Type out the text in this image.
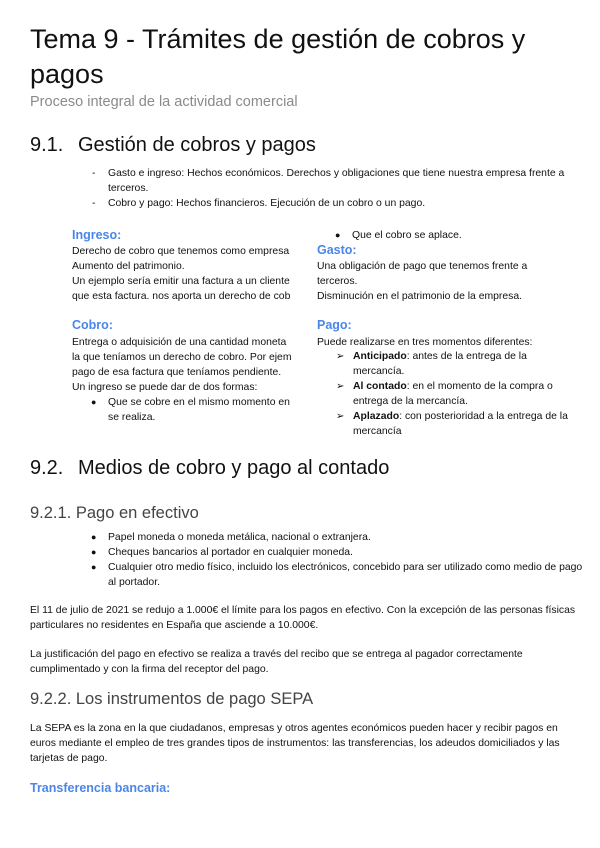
Tema 9 - Trámites de gestión de cobros y pagos
Proceso integral de la actividad comercial
9.1. Gestión de cobros y pagos
- Gasto e ingreso: Hechos económicos. Derechos y obligaciones que tiene nuestra empresa frente a terceros.
- Cobro y pago: Hechos financieros. Ejecución de un cobro o un pago.
Ingreso:
Derecho de cobro que tenemos como empresa
Aumento del patrimonio.
Un ejemplo sería emitir una factura a un cliente
que esta factura. nos aporta un derecho de cob
Cobro:
Entrega o adquisición de una cantidad moneta
la que teníamos un derecho de cobro. Por ejem
pago de esa factura que teníamos pendiente.
Un ingreso se puede dar de dos formas:
● Que se cobre en el mismo momento en
se realiza.
● Que el cobro se aplace.
Gasto:
Una obligación de pago que tenemos frente a
terceros.
Disminución en el patrimonio de la empresa.
Pago:
Puede realizarse en tres momentos diferentes:
➢ Anticipado: antes de la entrega de la
mercancía.
➢ Al contado: en el momento de la compra o
entrega de la mercancía.
➢ Aplazado: con posterioridad a la entrega de la
mercancía
9.2. Medios de cobro y pago al contado
9.2.1. Pago en efectivo
● Papel moneda o moneda metálica, nacional o extranjera.
● Cheques bancarios al portador en cualquier moneda.
● Cualquier otro medio físico, incluido los electrónicos, concebido para ser utilizado como medio de pago al portador.
El 11 de julio de 2021 se redujo a 1.000€ el límite para los pagos en efectivo. Con la excepción de las personas físicas particulares no residentes en España que asciende a 10.000€.
La justificación del pago en efectivo se realiza a través del recibo que se entrega al pagador correctamente cumplimentado y con la firma del receptor del pago.
9.2.2. Los instrumentos de pago SEPA
La SEPA es la zona en la que ciudadanos, empresas y otros agentes económicos pueden hacer y recibir pagos en euros mediante el empleo de tres grandes tipos de instrumentos: las transferencias, los adeudos domiciliados y las tarjetas de pago.
Transferencia bancaria:
